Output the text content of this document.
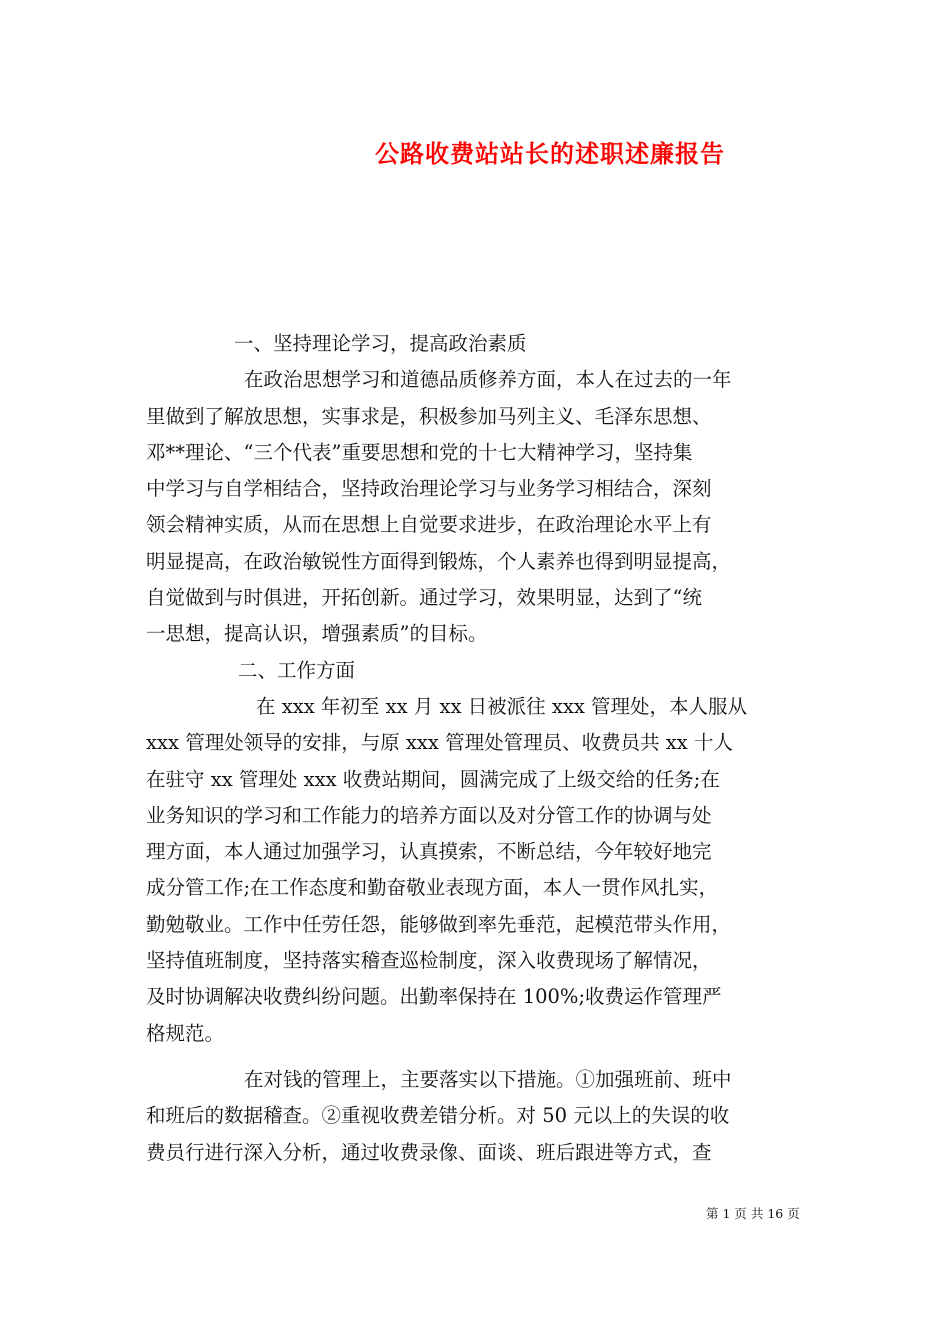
公路收费站站长的述职述廉报告
一、坚持理论学习，提高政治素质
在政治思想学习和道德品质修养方面，本人在过去的一年
里做到了解放思想，实事求是，积极参加马列主义、毛泽东思想、
邓**理论、“三个代表”重要思想和党的十七大精神学习，坚持集
中学习与自学相结合，坚持政治理论学习与业务学习相结合，深刻
领会精神实质，从而在思想上自觉要求进步，在政治理论水平上有
明显提高，在政治敏锐性方面得到锻炼，个人素养也得到明显提高，
自觉做到与时俱进，开拓创新。通过学习，效果明显，达到了“统
一思想，提高认识，增强素质”的目标。
二、工作方面
在 xxx 年初至 xx 月 xx 日被派往 xxx 管理处，本人服从
xxx 管理处领导的安排，与原 xxx 管理处管理员、收费员共 xx 十人
在驻守 xx 管理处 xxx 收费站期间，圆满完成了上级交给的任务;在
业务知识的学习和工作能力的培养方面以及对分管工作的协调与处
理方面，本人通过加强学习，认真摸索，不断总结，今年较好地完
成分管工作;在工作态度和勤奋敬业表现方面，本人一贯作风扎实，
勤勉敬业。工作中任劳任怨，能够做到率先垂范，起模范带头作用，
坚持值班制度，坚持落实稽查巡检制度，深入收费现场了解情况，
及时协调解决收费纠纷问题。出勤率保持在 100%;收费运作管理严
格规范。
在对钱的管理上，主要落实以下措施。①加强班前、班中
和班后的数据稽查。②重视收费差错分析。对 50 元以上的失误的收
费员行进行深入分析，通过收费录像、面谈、班后跟进等方式，查
第 1 页 共 16 页
